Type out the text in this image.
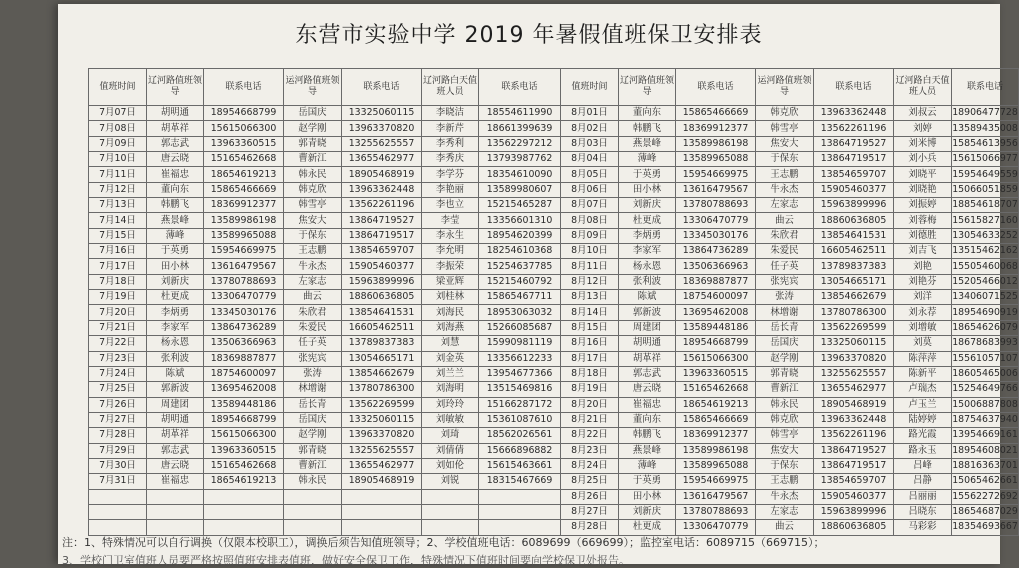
东营市实验中学 2019 年暑假值班保卫安排表
值班时间	辽河路值班领导	联系电话	运河路值班领导	联系电话	辽河路白天值班人员	联系电话	值班时间	辽河路值班领导	联系电话	运河路值班领导	联系电话	辽河路白天值班人员	联系电话
7月07日	胡明通	18954668799	岳国庆	13325060115	李晓洁	18554611990	8月01日	董向东	15865466669	韩克欣	13963362448	刘叔云	18906477728
7月08日	胡革祥	15615066300	赵学刚	13963370820	李新芹	18661399639	8月02日	韩鹏飞	18369912377	韩雪亭	13562261196	刘婷	13589435008
7月09日	郭志武	13963360515	郭青晓	13255625557	李秀利	13562297212	8月03日	燕景峰	13589986198	焦安大	13864719527	刘米博	15854613956
7月10日	唐云晓	15165462668	曹新江	13655462977	李秀庆	13793987762	8月04日	薄峰	13589965088	于保东	13864719517	刘小兵	15615066977
7月11日	崔福忠	18654619213	韩永民	18905468919	李学芬	18354610090	8月05日	于英勇	15954669975	王志鹏	13854659707	刘晓平	15954649559
7月12日	董向东	15865466669	韩克欣	13963362448	李艳丽	13589980607	8月06日	田小林	13616479567	牛永杰	15905460377	刘晓艳	15066051859
7月13日	韩鹏飞	18369912377	韩雪亭	13562261196	李也立	15215465287	8月07日	刘新庆	13780788693	左家志	15963899996	刘振婷	18854618707
7月14日	燕景峰	13589986198	焦安大	13864719527	李莹	13356601310	8月08日	杜更成	13306470779	曲云	18860636805	刘蓉梅	15615827160
7月15日	薄峰	13589965088	于保东	13864719517	李永生	18954620399	8月09日	李炳勇	13345030176	朱欣君	13854641531	刘德胜	13054633252
7月16日	于英勇	15954669975	王志鹏	13854659707	李允明	18254610368	8月10日	李家军	13864736289	朱爱民	16605462511	刘吉飞	13515462162
7月17日	田小林	13616479567	牛永杰	15905460377	李振荣	15254637785	8月11日	杨永恩	13506366963	任子英	13789837383	刘艳	15505460068
7月18日	刘新庆	13780788693	左家志	15963899996	梁亚辉	15215460792	8月12日	张利波	18369887877	张宪宾	13054665171	刘艳芬	15205466012
7月19日	杜更成	13306470779	曲云	18860636805	刘桂林	15865467711	8月13日	陈斌	18754600097	张涛	13854662679	刘洋	13406071525
7月20日	李炳勇	13345030176	朱欣君	13854641531	刘海民	18953063032	8月14日	郭新波	13695462008	林增谢	13780786300	刘永荐	18954690919
7月21日	李家军	13864736289	朱爱民	16605462511	刘海燕	15266085687	8月15日	周建团	13589448186	岳长青	13562269599	刘增敏	18654626079
7月22日	杨永恩	13506366963	任子英	13789837383	刘慧	15990981119	8月16日	胡明通	18954668799	岳国庆	13325060115	刘莫	18678683993
7月23日	张利波	18369887877	张宪宾	13054665171	刘金英	13356612233	8月17日	胡革祥	15615066300	赵学刚	13963370820	陈萍萍	15561057107
7月24日	陈斌	18754600097	张涛	13854662679	刘兰兰	13954677366	8月18日	郭志武	13963360515	郭青晓	13255625557	陈新平	18605465006
7月25日	郭新波	13695462008	林增谢	13780786300	刘海明	13515469816	8月19日	唐云晓	15165462668	曹新江	13655462977	卢瑞杰	15254649766
7月26日	周建团	13589448186	岳长青	13562269599	刘玲玲	15166287172	8月20日	崔福忠	18654619213	韩永民	18905468919	卢玉兰	15006887808
7月27日	胡明通	18954668799	岳国庆	13325060115	刘敏敏	15361087610	8月21日	董向东	15865466669	韩克欣	13963362448	陆婷婷	18754637940
7月28日	胡革祥	15615066300	赵学刚	13963370820	刘琦	18562026561	8月22日	韩鹏飞	18369912377	韩雪亭	13562261196	路光霞	13954669161
7月29日	郭志武	13963360515	郭青晓	13255625557	刘倩倩	15666896882	8月23日	燕景峰	13589986198	焦安大	13864719527	路永玉	18954608021
7月30日	唐云晓	15165462668	曹新江	13655462977	刘如伦	15615463661	8月24日	薄峰	13589965088	于保东	13864719517	吕峰	18816363701
7月31日	崔福忠	18654619213	韩永民	18905468919	刘锐	18315467669	8月25日	于英勇	15954669975	王志鹏	13854659707	吕静	15065462661
							8月26日	田小林	13616479567	牛永杰	15905460377	吕丽丽	15562272692
							8月27日	刘新庆	13780788693	左家志	15963899996	吕晓东	18654687029
							8月28日	杜更成	13306470779	曲云	18860636805	马彩彩	18354693667
注：1、特殊情况可以自行调换（仅限本校职工），调换后须告知值班领导；2、学校值班电话：6089699（669699）；监控室电话：6089715（669715）；
3、学校门卫室值班人员要严格按照值班安排表值班，做好安全保卫工作，特殊情况下值班时间要向学校保卫处报告。
